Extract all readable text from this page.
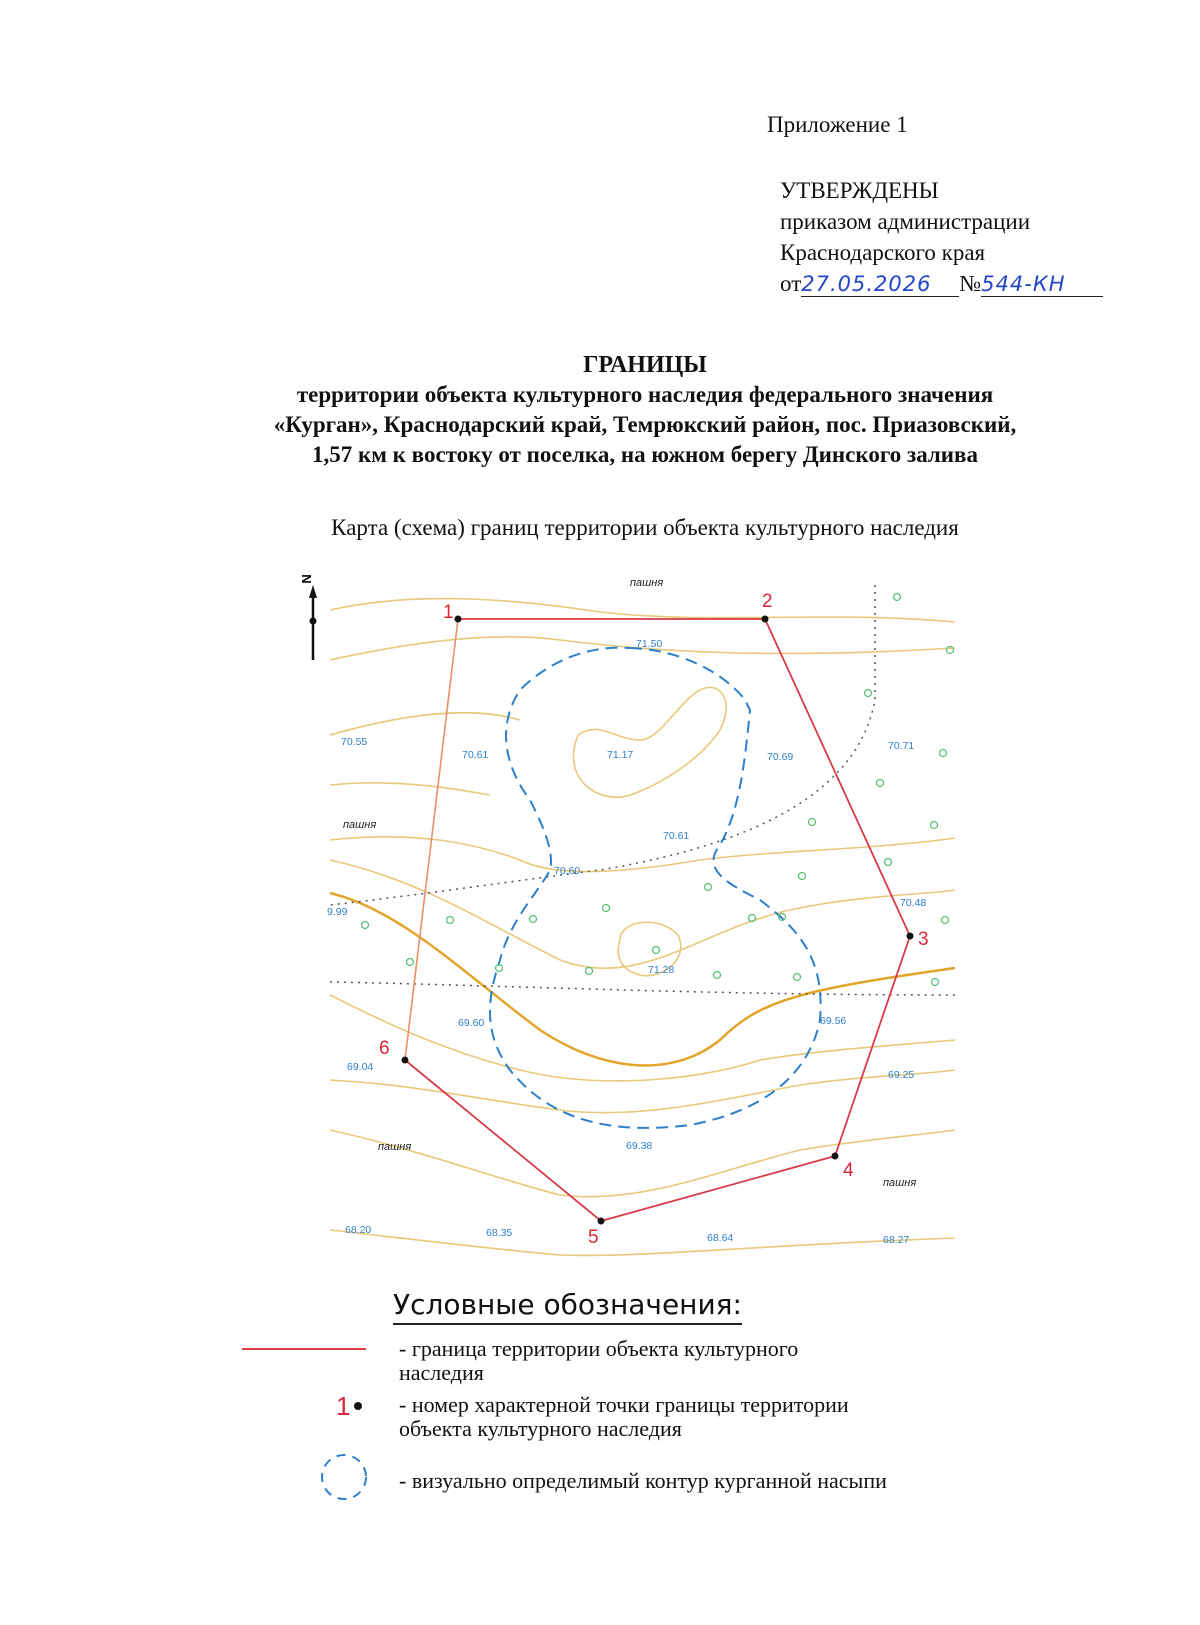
Приложение 1
УТВЕРЖДЕНЫ
приказом администрации
Краснодарского края
от27.05.2026 №544-КН
ГРАНИЦЫ
территории объекта культурного наследия федерального значения
«Курган», Краснодарский край, Темрюкский район, пос. Приазовский,
1,57 км к востоку от поселка, на южном берегу Динского залива
Карта (схема) границ территории объекта культурного наследия
N
1
2
3
4
5
6
пашня
пашня
пашня
пашня
71.50
70.55
70.61	71.17	70.69
70.71
70.61
70.60
9.99
70.48
71.28
69.60	69.56
69.04
69.25
69.38
68.20	68.35	68.64	68.27
1
Условные обозначения:
- граница территории объекта культурного
наследия
- номер характерной точки границы территории
объекта культурного наследия
- визуально определимый контур курганной насыпи
